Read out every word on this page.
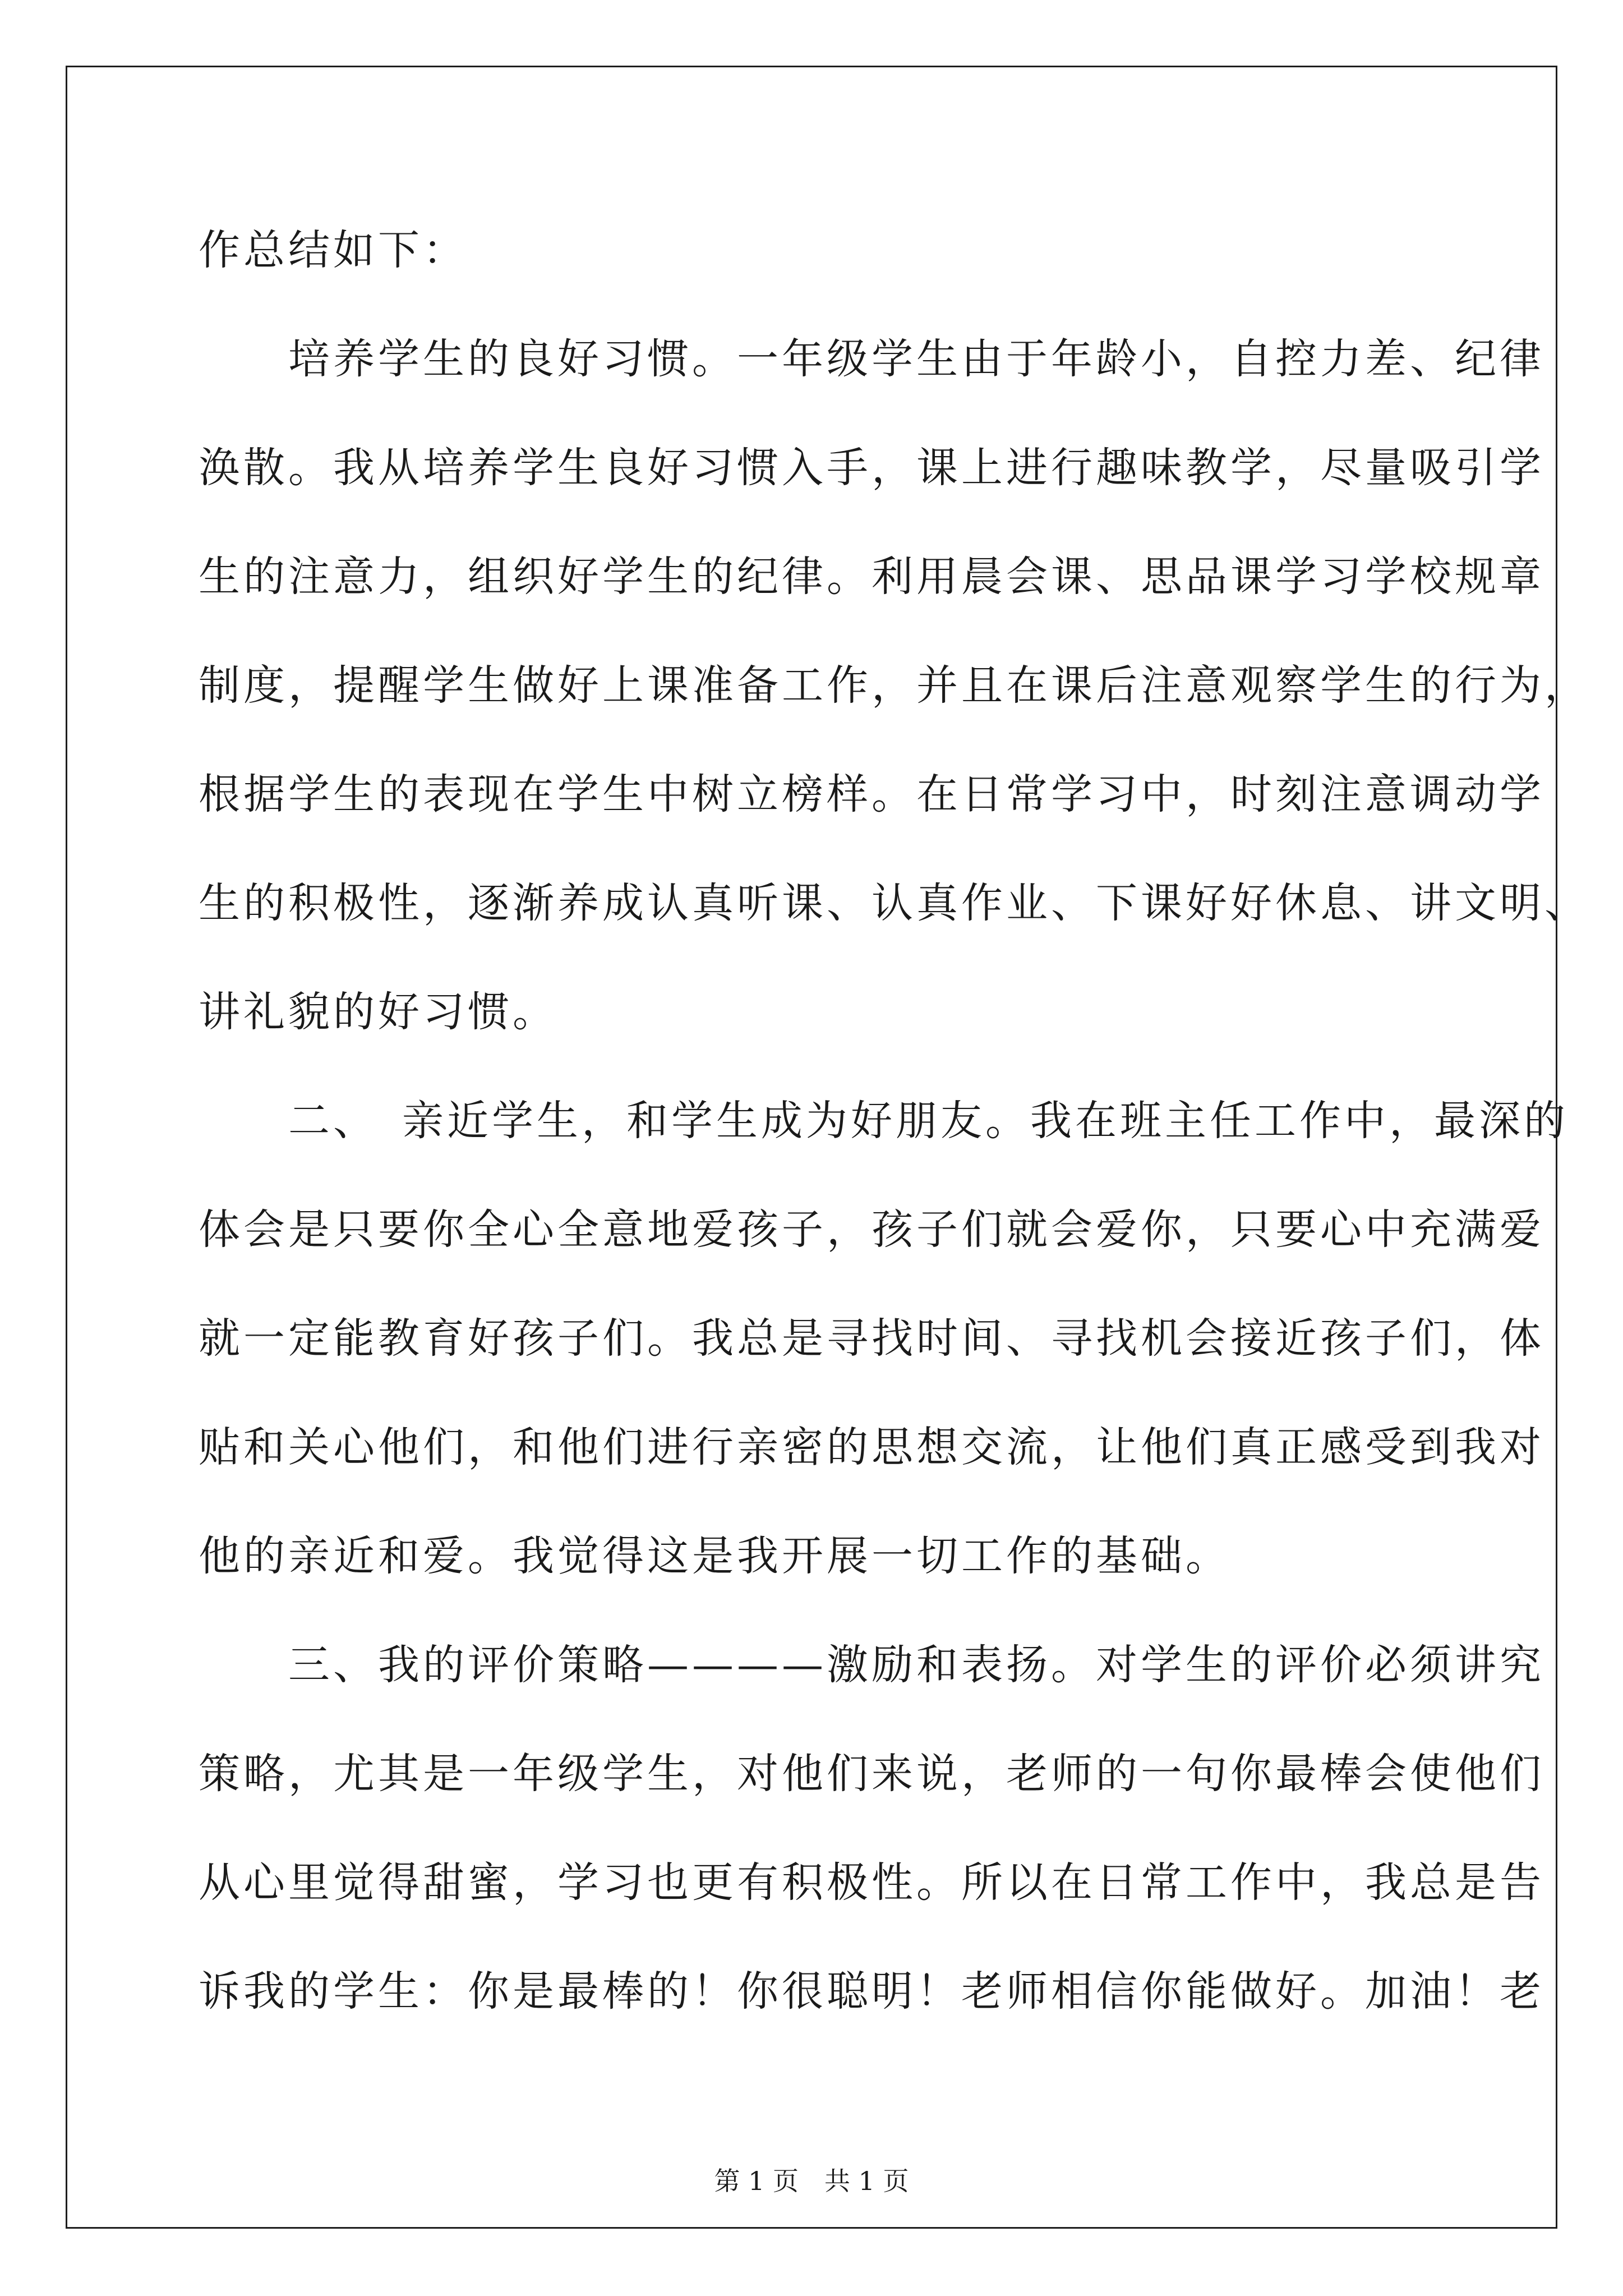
作总结如下：
　　培养学生的良好习惯。一年级学生由于年龄小，自控力差、纪律
涣散。我从培养学生良好习惯入手，课上进行趣味教学，尽量吸引学
生的注意力，组织好学生的纪律。利用晨会课、思品课学习学校规章
制度，提醒学生做好上课准备工作，并且在课后注意观察学生的行为，
根据学生的表现在学生中树立榜样。在日常学习中，时刻注意调动学
生的积极性，逐渐养成认真听课、认真作业、下课好好休息、讲文明、
讲礼貌的好习惯。
　　二、　亲近学生，和学生成为好朋友。我在班主任工作中，最深的
体会是只要你全心全意地爱孩子，孩子们就会爱你，只要心中充满爱
就一定能教育好孩子们。我总是寻找时间、寻找机会接近孩子们，体
贴和关心他们，和他们进行亲密的思想交流，让他们真正感受到我对
他的亲近和爱。我觉得这是我开展一切工作的基础。
　　三、我的评价策略————激励和表扬。对学生的评价必须讲究
策略，尤其是一年级学生，对他们来说，老师的一句你最棒会使他们
从心里觉得甜蜜，学习也更有积极性。所以在日常工作中，我总是告
诉我的学生：你是最棒的！你很聪明！老师相信你能做好。加油！老
第 1 页　共 1 页
